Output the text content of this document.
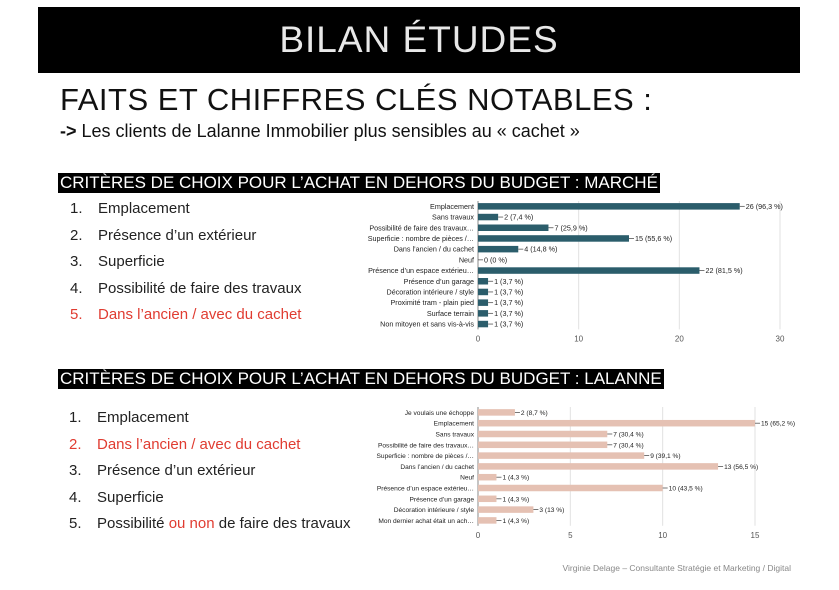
BILAN ÉTUDES
FAITS ET CHIFFRES CLÉS NOTABLES :
-> Les clients de Lalanne Immobilier plus sensibles au « cachet »
CRITÈRES DE CHOIX POUR L’ACHAT EN DEHORS DU BUDGET : MARCHÉ
1.	Emplacement
2.	Présence d’un extérieur
3.	Superficie
4.	Possibilité de faire des travaux
5.	Dans l’ancien / avec du cachet
0	10	20	30
Emplacement	26 (96,3 %)
Sans travaux	2 (7,4 %)
Possibilité de faire des travaux…	7 (25,9 %)
Superficie : nombre de pièces /…	15 (55,6 %)
Dans l’ancien / du cachet	4 (14,8 %)
Neuf 0 (0 %)
Présence d’un espace extérieu…	22 (81,5 %)
Présence d’un garage	1 (3,7 %)
Décoration intérieure / style	1 (3,7 %)
Proximité tram - plain pied	1 (3,7 %)
Surface terrain	1 (3,7 %)
Non mitoyen et sans vis-à-vis	1 (3,7 %)
CRITÈRES DE CHOIX POUR L’ACHAT EN DEHORS DU BUDGET : LALANNE
1.	Emplacement
2.	Dans l’ancien / avec du cachet
3.	Présence d’un extérieur
4.	Superficie
5.	Possibilité ou non de faire des travaux
0	5	10	15
Je voulais une échoppe	2 (8,7 %)
Emplacement	15 (65,2 %)
Sans travaux	7 (30,4 %)
Possibilité de faire des travaux…	7 (30,4 %)
Superficie : nombre de pièces /…	9 (39,1 %)
Dans l’ancien / du cachet	13 (56,5 %)
Neuf	1 (4,3 %)
Présence d’un espace extérieu…	10 (43,5 %)
Présence d’un garage	1 (4,3 %)
Décoration intérieure / style	3 (13 %)
Mon dernier achat était un ach…	1 (4,3 %)
Virginie Delage – Consultante Stratégie et Marketing / Digital
